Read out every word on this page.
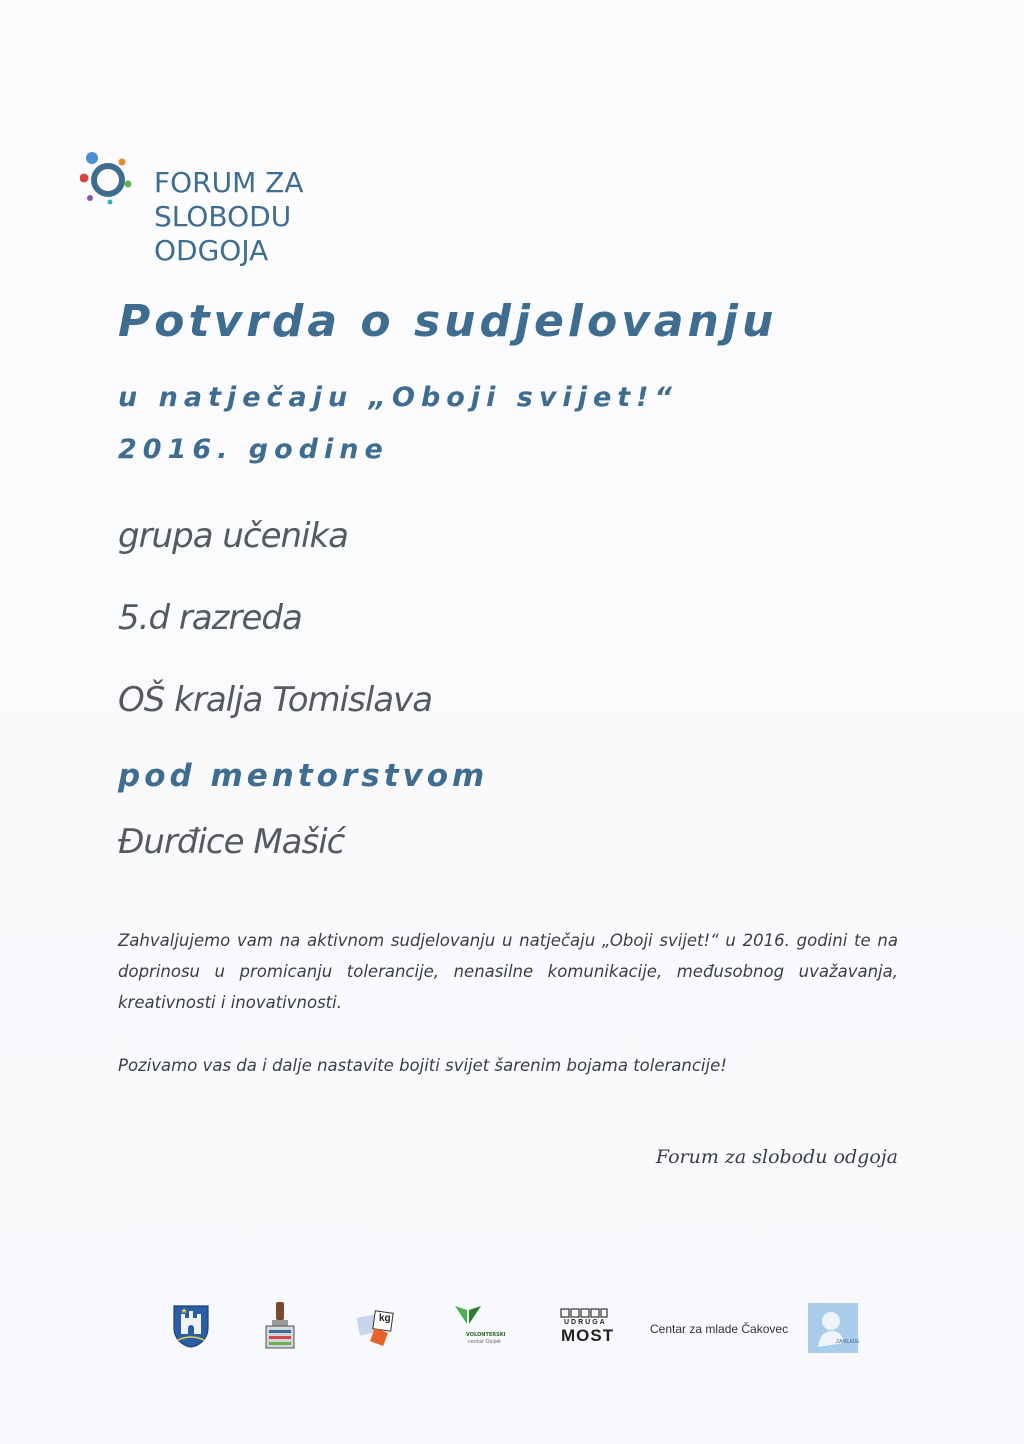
FORUM ZA
SLOBODU
ODGOJA
Potvrda o sudjelovanju
u natječaju „Oboji svijet!“
2016. godine
grupa učenika
5.d razreda
OŠ kralja Tomislava
pod mentorstvom
Đurđice Mašić
Zahvaljujemo vam na aktivnom sudjelovanju u natječaju „Oboji svijet!“ u 2016. godini te na doprinosu u promicanju tolerancije, nenasilne komunikacije, međusobnog uvažavanja, kreativnosti i inovativnosti.
Pozivamo vas da i dalje nastavite bojiti svijet šarenim bojama tolerancije!
Forum za slobodu odgoja
kg
VOLONTERSKI
centar Osijek
UDRUGA
MOST	Centar za mlade Čakovec
ZAMLADE
